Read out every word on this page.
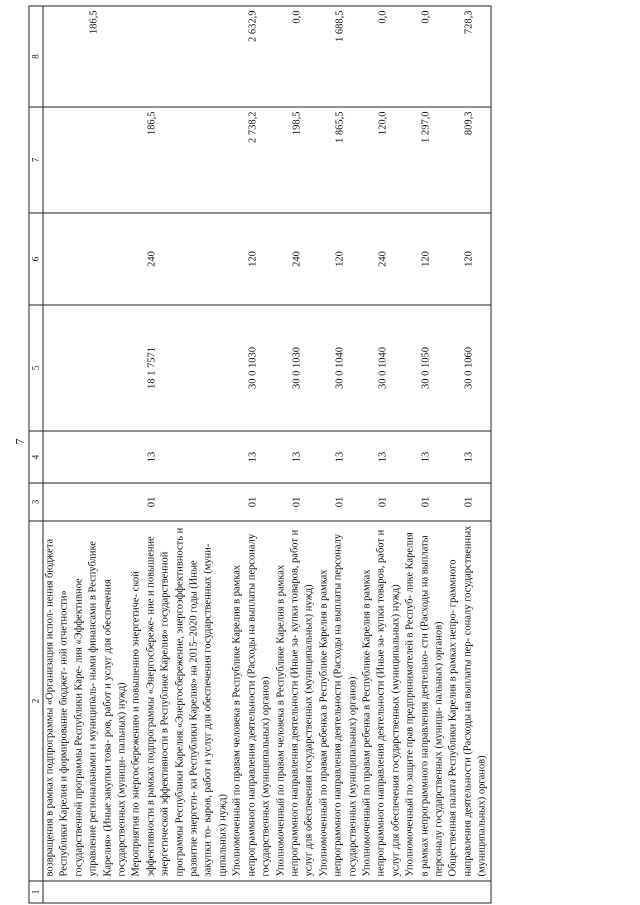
7
1	2	3	4	5	6	7	8
	возвращения в рамках подпрограммы «Организация испол- нения бюджета Республики Карелия и формирование бюджет- ной отчетности» государственной программы Республики Каре- лия «Эффективное управление региональными и муниципаль- ными финансами в Республике Карелия» (Иные закупки това- ров, работ и услуг для обеспечения государственных (муници- пальных) нужд)						186,5
	Мероприятия по энергосбережению и повышению энергетиче- ской эффективности в рамках подпрограммы «Энергосбереже- ние и повышение энергетической эффективности в Республике Карелия» государственной программы Республики Карелия «Энергосбережение, энергоэффективность и развитие энергети- ки Республики Карелия» на 2015–2020 годы (Иные закупки то- варов, работ и услуг для обеспечения государственных (муни- ципальных) нужд)	01	13	18 1 7571	240	186,5	
	Уполномоченный по правам человека в Республике Карелия в рамках непрограммного направления деятельности (Расходы на выплаты персоналу государственных (муниципальных) органов)	01	13	30 0 1030	120	2 738,2	2 632,9
	Уполномоченный по правам человека в Республике Карелия в рамках непрограммного направления деятельности (Иные за- купки товаров, работ и услуг для обеспечения государственных (муниципальных) нужд)	01	13	30 0 1030	240	198,5	0,0
	Уполномоченный по правам ребенка в Республике Карелия в рамках непрограммного направления деятельности (Расходы на выплаты персоналу государственных (муниципальных) органов)	01	13	30 0 1040	120	1 865,5	1 688,5
	Уполномоченный по правам ребенка в Республике Карелия в рамках непрограммного направления деятельности (Иные за- купки товаров, работ и услуг для обеспечения государственных (муниципальных) нужд)	01	13	30 0 1040	240	120,0	0,0
	Уполномоченный по защите прав предпринимателей в Респуб- лике Карелия в рамках непрограммного направления деятельно- сти (Расходы на выплаты персоналу государственных (муници- пальных) органов)	01	13	30 0 1050	120	1 297,0	0,0
	Общественная палата Республики Карелия в рамках непро- граммного направления деятельности (Расходы на выплаты пер- соналу государственных (муниципальных) органов)	01	13	30 0 1060	120	809,3	728,3
